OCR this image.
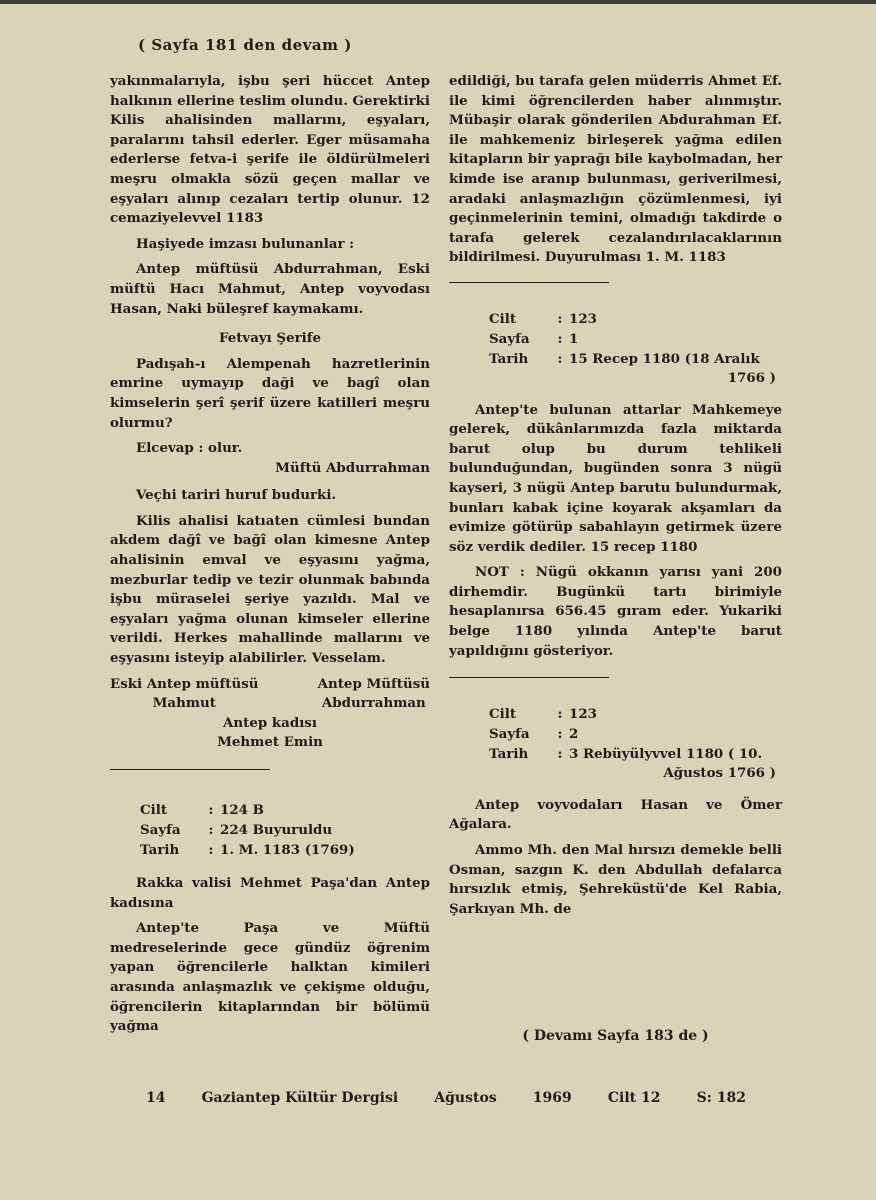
( Sayfa 181 den devam )

yakınmalarıyla, işbu şeri hüccet Antep halkının ellerine teslim olundu. Gerektirki Kilis ahalisinden mallarını, eşyaları, paralarını tahsil ederler. Eger müsamaha ederlerse fetva-i şerife ile öldürülmeleri meşru olmakla sözü geçen mallar ve eşyaları alınıp cezaları tertip olunur. 12 cemaziyelevvel 1183

Haşiyede imzası bulunanlar :

Antep müftüsü Abdurrahman, Eski müftü Hacı Mahmut, Antep voyvodası Hasan, Naki büleşref kaymakamı.

Fetvayı Şerife

Padışah-ı Alempenah hazretlerinin emrine uymayıp daği ve bagî olan kimselerin şerî şerif üzere katilleri meşru olurmu?

Elcevap : olur.

Müftü Abdurrahman

Veçhi tariri huruf budurki.

Kilis ahalisi katıaten cümlesi bundan akdem dağî ve bağî olan kimesne Antep ahalisinin emval ve eşyasını yağma, mezburlar tedip ve tezir olunmak babında işbu müraselei şeriye yazıldı. Mal ve eşyaları yağma olunan kimseler ellerine verildi. Herkes mahallinde mallarını ve eşyasını isteyip alabilirler. Vesselam.

Eski Antep müftüsü
Mahmut
Antep Müftüsü
Abdurrahman
Antep kadısı
Mehmet Emin
Cilt	: 124 B
Sayfa	: 224 Buyuruldu
Tarih	: 1. M. 1183 (1769)

Rakka valisi Mehmet Paşa'dan Antep kadısına

Antep'te Paşa ve Müftü medreselerinde gece gündüz öğrenim yapan öğrencilerle halktan kimileri arasında anlaşmazlık ve çekişme olduğu, öğrencilerin kitaplarından bir bölümü yağma

edildiği, bu tarafa gelen müderris Ahmet Ef. ile kimi öğrencilerden haber alınmıştır. Mübaşir olarak gönderilen Abdurahman Ef. ile mahkemeniz birleşerek yağma edilen kitapların bir yaprağı bile kaybolmadan, her kimde ise aranıp bulunması, geriverilmesi, aradaki anlaşmazlığın çözümlenmesi, iyi geçinmelerinin temini, olmadığı takdirde o tarafa gelerek cezalandırılacaklarının bildirilmesi. Duyurulması 1. M. 1183

Cilt	: 123
Sayfa	: 1
Tarih	: 15 Recep 1180 (18 Aralık
1766 )

Antep'te bulunan attarlar Mahkemeye gelerek, dükânlarımızda fazla miktarda barut olup bu durum tehlikeli bulunduğundan, bugünden sonra 3 nügü kayseri, 3 nügü Antep barutu bulundurmak, bunları kabak içine koyarak akşamları da evimize götürüp sabahlayın getirmek üzere söz verdik dediler. 15 recep 1180

NOT : Nügü okkanın yarısı yani 200 dirhemdir. Bugünkü tartı birimiyle hesaplanırsa 656.45 gıram eder. Yukariki belge 1180 yılında Antep'te barut yapıldığını gösteriyor.

Cilt	: 123
Sayfa	: 2
Tarih	: 3 Rebüyülyvvel 1180 ( 10.
Ağustos 1766 )

Antep voyvodaları Hasan ve Ömer Ağalara.

Ammo Mh. den Mal hırsızı demekle belli Osman, sazgın K. den Abdullah defalarca hırsızlık etmiş, Şehreküstü'de Kel Rabia, Şarkıyan Mh. de

( Devamı Sayfa 183 de )
14	Gaziantep Kültür Dergisi	Ağustos	1969	Cilt 12	S: 182
